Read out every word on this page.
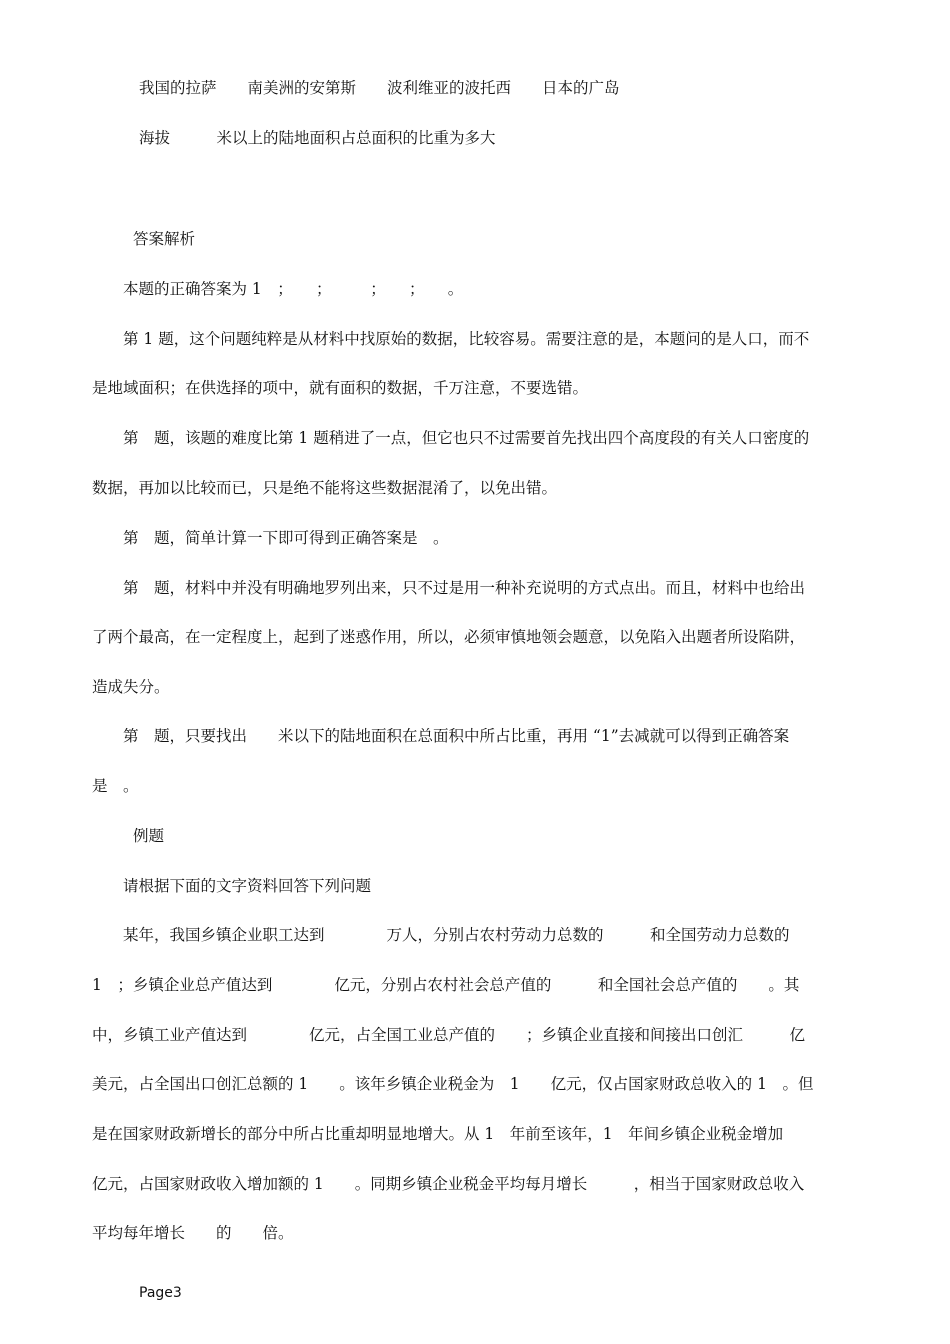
我国的拉萨　　南美洲的安第斯　　波利维亚的波托西　　日本的广岛
海拔　　　米以上的陆地面积占总面积的比重为多大
答案解析
本题的正确答案为 1　；　　；　　　；　　；　　。
第 1 题，这个问题纯粹是从材料中找原始的数据，比较容易。需要注意的是，本题问的是人口，而不
是地域面积；在供选择的项中，就有面积的数据，千万注意，不要选错。
第　题，该题的难度比第 1 题稍进了一点，但它也只不过需要首先找出四个高度段的有关人口密度的
数据，再加以比较而已，只是绝不能将这些数据混淆了，以免出错。
第　题，简单计算一下即可得到正确答案是　。
第　题，材料中并没有明确地罗列出来，只不过是用一种补充说明的方式点出。而且，材料中也给出
了两个最高，在一定程度上，起到了迷惑作用，所以，必须审慎地领会题意，以免陷入出题者所设陷阱，
造成失分。
第　题，只要找出　　米以下的陆地面积在总面积中所占比重，再用 “1”去减就可以得到正确答案
是　。
例题
请根据下面的文字资料回答下列问题
某年，我国乡镇企业职工达到　　　　万人，分别占农村劳动力总数的　　　和全国劳动力总数的
1　；乡镇企业总产值达到　　　　亿元，分别占农村社会总产值的　　　和全国社会总产值的　　。其
中，乡镇工业产值达到　　　　亿元，占全国工业总产值的　　；乡镇企业直接和间接出口创汇　　　亿
美元，占全国出口创汇总额的 1　　。该年乡镇企业税金为　1　　亿元，仅占国家财政总收入的 1　。但
是在国家财政新增长的部分中所占比重却明显地增大。从 1　年前至该年，1　年间乡镇企业税金增加
亿元，占国家财政收入增加额的 1　　。同期乡镇企业税金平均每月增长　　　，相当于国家财政总收入
平均每年增长　　的　　倍。
Page3
